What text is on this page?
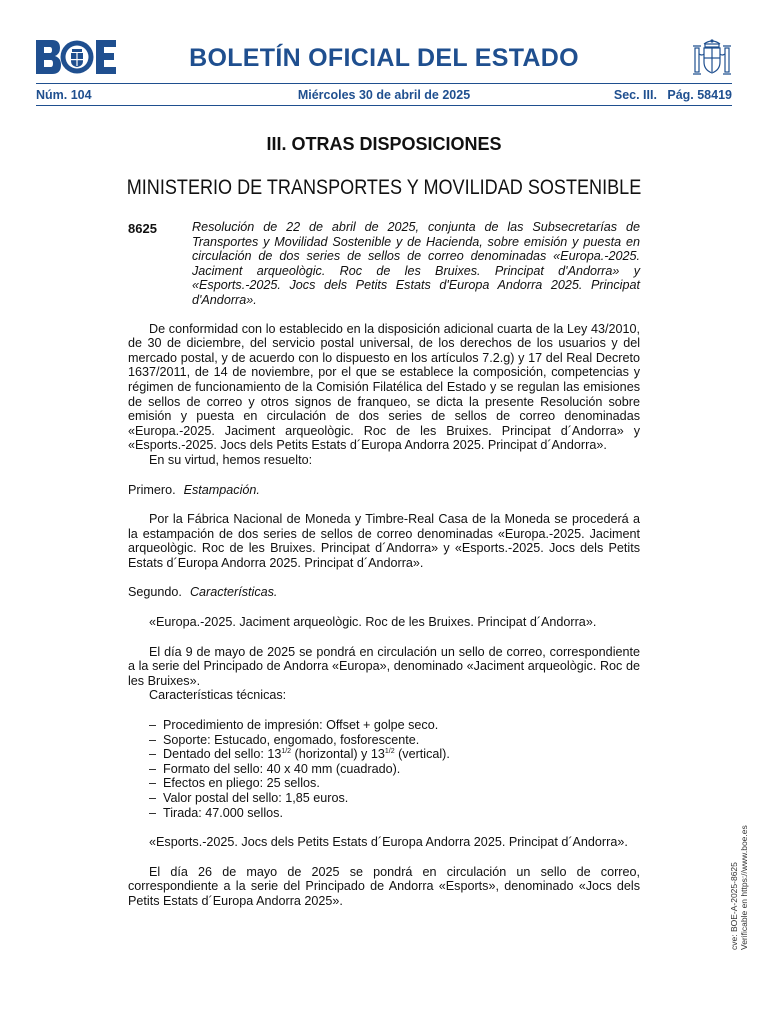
BOLETÍN OFICIAL DEL ESTADO
Núm. 104	Miércoles 30 de abril de 2025	Sec. III.   Pág. 58419
III. OTRAS DISPOSICIONES
MINISTERIO DE TRANSPORTES Y MOVILIDAD SOSTENIBLE
8625	Resolución de 22 de abril de 2025, conjunta de las Subsecretarías de Transportes y Movilidad Sostenible y de Hacienda, sobre emisión y puesta en circulación de dos series de sellos de correo denominadas «Europa.-2025. Jaciment arqueològic. Roc de les Bruixes. Principat d'Andorra» y «Esports.-2025. Jocs dels Petits Estats d'Europa Andorra 2025. Principat d'Andorra».

De conformidad con lo establecido en la disposición adicional cuarta de la Ley 43/2010, de 30 de diciembre, del servicio postal universal, de los derechos de los usuarios y del mercado postal, y de acuerdo con lo dispuesto en los artículos 7.2.g) y 17 del Real Decreto 1637/2011, de 14 de noviembre, por el que se establece la composición, competencias y régimen de funcionamiento de la Comisión Filatélica del Estado y se regulan las emisiones de sellos de correo y otros signos de franqueo, se dicta la presente Resolución sobre emisión y puesta en circulación de dos series de sellos de correo denominadas «Europa.-2025. Jaciment arqueològic. Roc de les Bruixes. Principat d´Andorra» y «Esports.-2025. Jocs dels Petits Estats d´Europa Andorra 2025. Principat d´Andorra».

En su virtud, hemos resuelto:

Primero. Estampación.

Por la Fábrica Nacional de Moneda y Timbre-Real Casa de la Moneda se procederá a la estampación de dos series de sellos de correo denominadas «Europa.-2025. Jaciment arqueològic. Roc de les Bruixes. Principat d´Andorra» y «Esports.-2025. Jocs dels Petits Estats d´Europa Andorra 2025. Principat d´Andorra».

Segundo. Características.

«Europa.-2025. Jaciment arqueològic. Roc de les Bruixes. Principat d´Andorra».

El día 9 de mayo de 2025 se pondrá en circulación un sello de correo, correspondiente a la serie del Principado de Andorra «Europa», denominado «Jaciment arqueològic. Roc de les Bruixes».

Características técnicas:

– Procedimiento de impresión: Offset + golpe seco.
– Soporte: Estucado, engomado, fosforescente.
– Dentado del sello: $13^{1/2}$ (horizontal) y $13^{1/2}$ (vertical).
– Formato del sello: 40 x 40 mm (cuadrado).
– Efectos en pliego: 25 sellos.
– Valor postal del sello: 1,85 euros.
– Tirada: 47.000 sellos.

«Esports.-2025. Jocs dels Petits Estats d´Europa Andorra 2025. Principat d´Andorra».

El día 26 de mayo de 2025 se pondrá en circulación un sello de correo, correspondiente a la serie del Principado de Andorra «Esports», denominado «Jocs dels Petits Estats d´Europa Andorra 2025».	cve: BOE-A-2025-8625 Verificable en https://www.boe.es
